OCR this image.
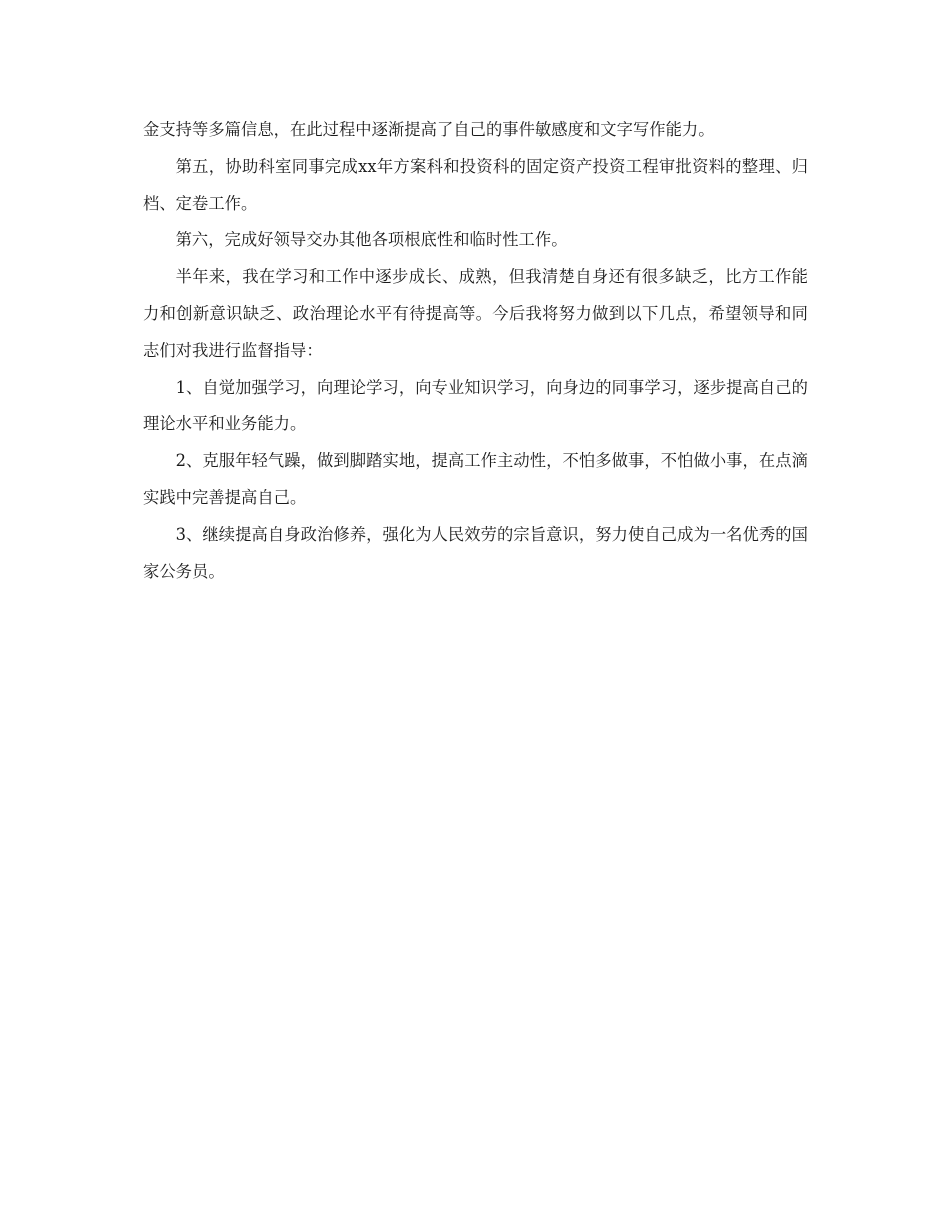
金支持等多篇信息，在此过程中逐渐提高了自己的事件敏感度和文字写作能力。

第五，协助科室同事完成xx年方案科和投资科的固定资产投资工程审批资料的整理、归档、定卷工作。

第六，完成好领导交办其他各项根底性和临时性工作。

半年来，我在学习和工作中逐步成长、成熟，但我清楚自身还有很多缺乏，比方工作能力和创新意识缺乏、政治理论水平有待提高等。今后我将努力做到以下几点，希望领导和同志们对我进行监督指导：

1、自觉加强学习，向理论学习，向专业知识学习，向身边的同事学习，逐步提高自己的理论水平和业务能力。

2、克服年轻气躁，做到脚踏实地，提高工作主动性，不怕多做事，不怕做小事，在点滴实践中完善提高自己。

3、继续提高自身政治修养，强化为人民效劳的宗旨意识，努力使自己成为一名优秀的国家公务员。
